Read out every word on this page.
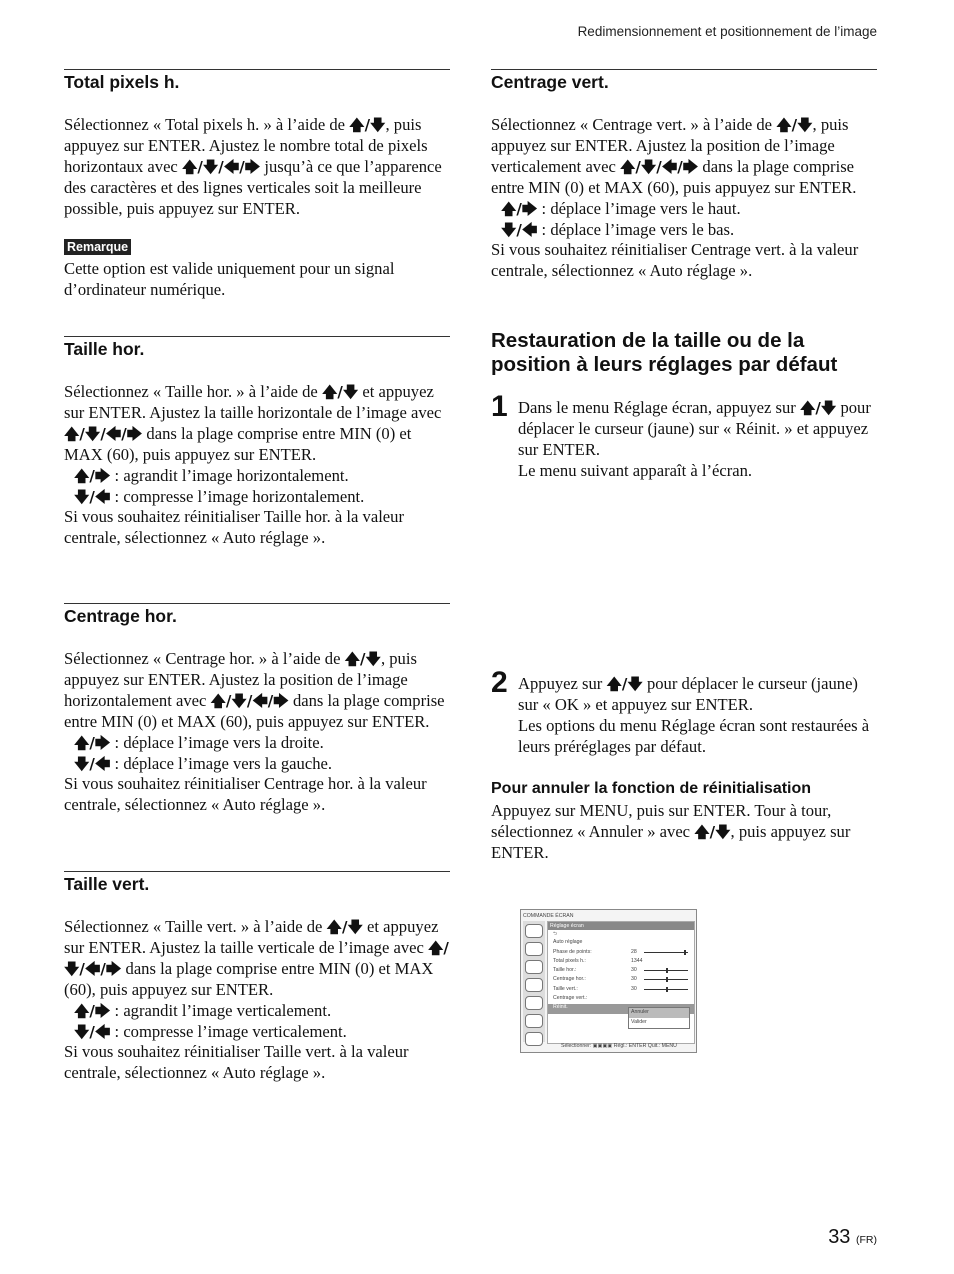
Redimensionnement et positionnement de l’image
Total pixels h.

Sélectionnez « Total pixels h. » à l’aide de 🡅/🡇, puis appuyez sur ENTER. Ajustez le nombre total de pixels horizontaux avec 🡅/🡇/🡄/🡆 jusqu’à ce que l’apparence des caractères et des lignes verticales soit la meilleure possible, puis appuyez sur ENTER.

Remarque

Cette option est valide uniquement pour un signal d’ordinateur numérique.

Taille hor.

Sélectionnez « Taille hor. » à l’aide de 🡅/🡇 et appuyez sur ENTER. Ajustez la taille horizontale de l’image avec 🡅/🡇/🡄/🡆 dans la plage comprise entre MIN (0) et MAX (60), puis appuyez sur ENTER.

🡅/🡆 : agrandit l’image horizontalement.

🡇/🡄 : compresse l’image horizontalement.

Si vous souhaitez réinitialiser Taille hor. à la valeur centrale, sélectionnez « Auto réglage ».

Centrage hor.

Sélectionnez « Centrage hor. » à l’aide de 🡅/🡇, puis appuyez sur ENTER. Ajustez la position de l’image horizontalement avec 🡅/🡇/🡄/🡆 dans la plage comprise entre MIN (0) et MAX (60), puis appuyez sur ENTER.

🡅/🡆 : déplace l’image vers la droite.

🡇/🡄 : déplace l’image vers la gauche.

Si vous souhaitez réinitialiser Centrage hor. à la valeur centrale, sélectionnez « Auto réglage ».

Taille vert.

Sélectionnez « Taille vert. » à l’aide de 🡅/🡇 et appuyez sur ENTER. Ajustez la taille verticale de l’image avec 🡅/🡇/🡄/🡆 dans la plage comprise entre MIN (0) et MAX (60), puis appuyez sur ENTER.

🡅/🡆 : agrandit l’image verticalement.

🡇/🡄 : compresse l’image verticalement.

Si vous souhaitez réinitialiser Taille vert. à la valeur centrale, sélectionnez « Auto réglage ».

Centrage vert.

Sélectionnez « Centrage vert. » à l’aide de 🡅/🡇, puis appuyez sur ENTER. Ajustez la position de l’image verticalement avec 🡅/🡇/🡄/🡆 dans la plage comprise entre MIN (0) et MAX (60), puis appuyez sur ENTER.

🡅/🡆 : déplace l’image vers le haut.

🡇/🡄 : déplace l’image vers le bas.

Si vous souhaitez réinitialiser Centrage vert. à la valeur centrale, sélectionnez « Auto réglage ».

Restauration de la taille ou de la position à leurs réglages par défaut
1 Dans le menu Réglage écran, appuyez sur 🡅/🡇 pour déplacer le curseur (jaune) sur « Réinit. » et appuyez sur ENTER.

Le menu suivant apparaît à l’écran.

COMMANDE ÉCRAN
Réglage écran
⮌
Auto réglage
Phase de points:	28
Total pixels h.:	1344
Taille hor.:	30
Centrage hor.:	30
Taille vert.:	30
Centrage vert.:
Réinit.
Annuler
Valider
Sélectionner: ▣▣▣▣ Régl.: ENTER Quit.: MENU
2 Appuyez sur 🡅/🡇 pour déplacer le curseur (jaune) sur « OK » et appuyez sur ENTER.

Les options du menu Réglage écran sont restaurées à leurs préréglages par défaut.

Pour annuler la fonction de réinitialisation

Appuyez sur MENU, puis sur ENTER. Tour à tour, sélectionnez « Annuler » avec 🡅/🡇, puis appuyez sur ENTER.

33 (FR)
